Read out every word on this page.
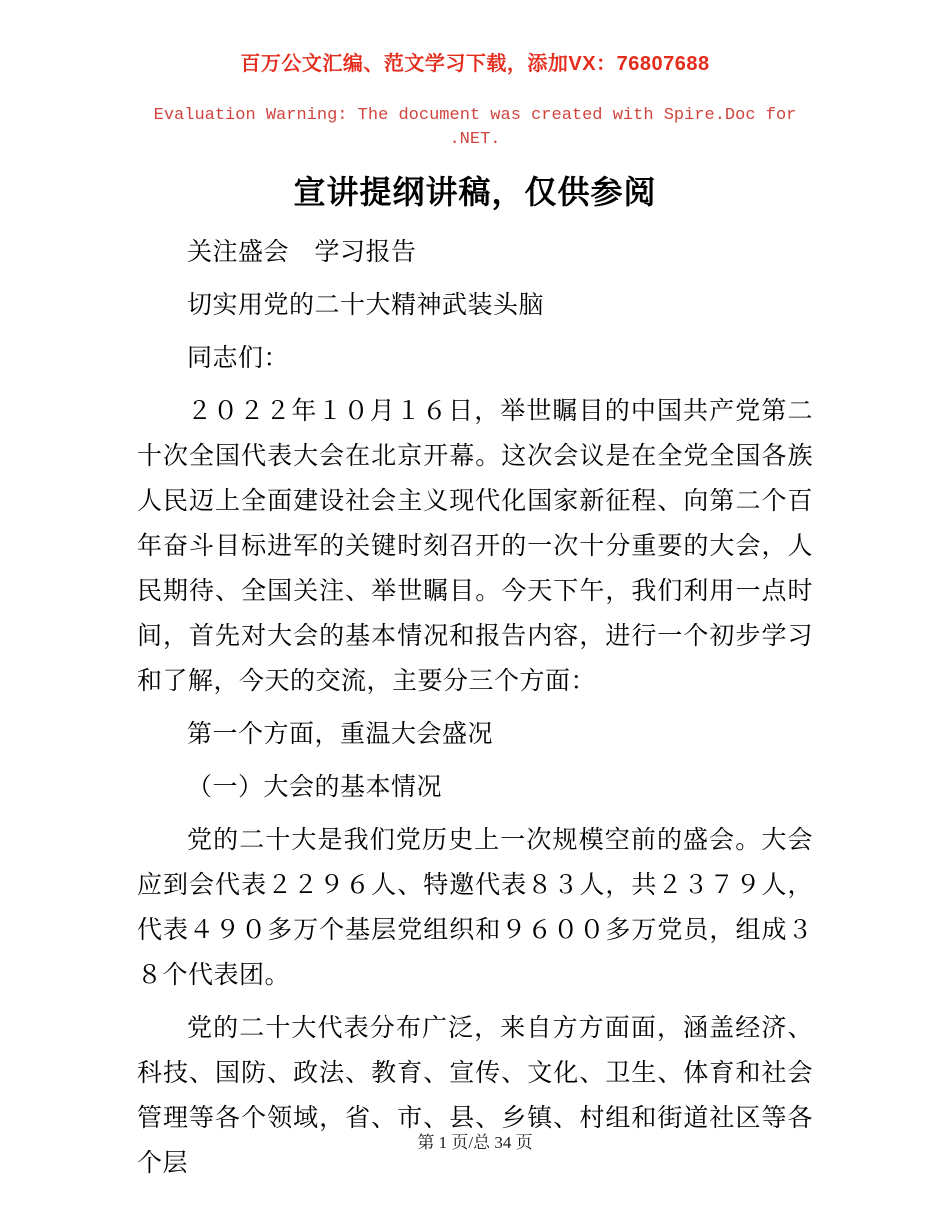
百万公文汇编、范文学习下载，添加VX：76807688
Evaluation Warning: The document was created with Spire.Doc for .NET.
宣讲提纲讲稿，仅供参阅

关注盛会　学习报告

切实用党的二十大精神武装头脑

同志们：

２０２２年１０月１６日，举世瞩目的中国共产党第二十次全国代表大会在北京开幕。这次会议是在全党全国各族人民迈上全面建设社会主义现代化国家新征程、向第二个百年奋斗目标进军的关键时刻召开的一次十分重要的大会，人民期待、全国关注、举世瞩目。今天下午，我们利用一点时间，首先对大会的基本情况和报告内容，进行一个初步学习和了解，今天的交流，主要分三个方面：

第一个方面，重温大会盛况

（一）大会的基本情况

党的二十大是我们党历史上一次规模空前的盛会。大会应到会代表２２９６人、特邀代表８３人，共２３７９人，代表４９０多万个基层党组织和９６００多万党员，组成３８个代表团。

党的二十大代表分布广泛，来自方方面面，涵盖经济、科技、国防、政法、教育、宣传、文化、卫生、体育和社会管理等各个领域，省、市、县、乡镇、村组和街道社区等各个层

第 1 页/总 34 页
